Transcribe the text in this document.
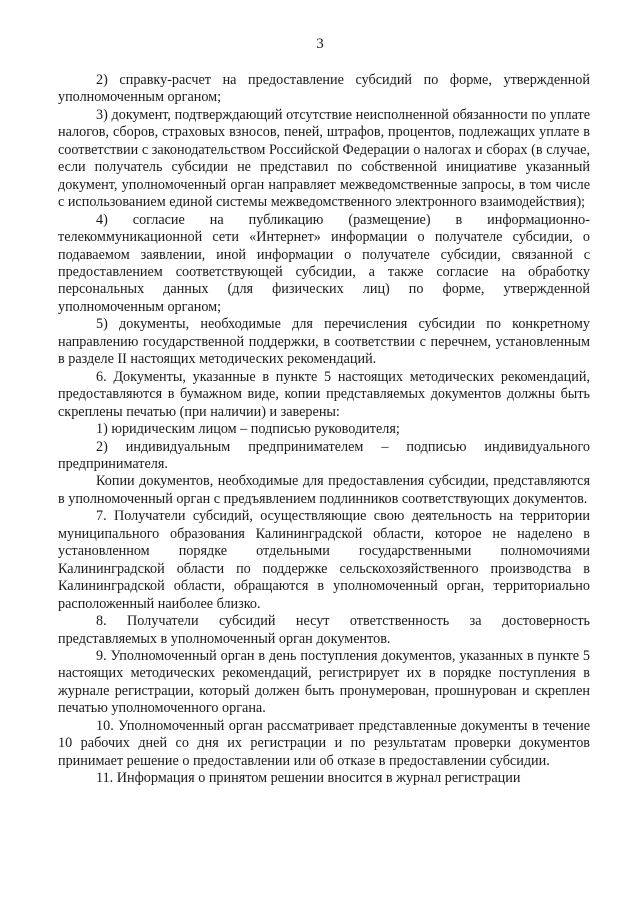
3

2) справку-расчет на предоставление субсидий по форме, утвержденной уполномоченным органом;

3) документ, подтверждающий отсутствие неисполненной обязанности по уплате налогов, сборов, страховых взносов, пеней, штрафов, процентов, подлежащих уплате в соответствии с законодательством Российской Федерации о налогах и сборах (в случае, если получатель субсидии не представил по собственной инициативе указанный документ, уполномоченный орган направляет межведомственные запросы, в том числе с использованием единой системы межведомственного электронного взаимодействия);

4) согласие на публикацию (размещение) в информационно-телекоммуникационной сети «Интернет» информации о получателе субсидии, о подаваемом заявлении, иной информации о получателе субсидии, связанной с предоставлением соответствующей субсидии, а также согласие на обработку персональных данных (для физических лиц) по форме, утвержденной уполномоченным органом;

5) документы, необходимые для перечисления субсидии по конкретному направлению государственной поддержки, в соответствии с перечнем, установленным в разделе II настоящих методических рекомендаций.

6. Документы, указанные в пункте 5 настоящих методических рекомендаций, предоставляются в бумажном виде, копии представляемых документов должны быть скреплены печатью (при наличии) и заверены:

1) юридическим лицом – подписью руководителя;

2) индивидуальным предпринимателем – подписью индивидуального предпринимателя.

Копии документов, необходимые для предоставления субсидии, представляются в уполномоченный орган с предъявлением подлинников соответствующих документов.

7. Получатели субсидий, осуществляющие свою деятельность на территории муниципального образования Калининградской области, которое не наделено в установленном порядке отдельными государственными полномочиями Калининградской области по поддержке сельскохозяйственного производства в Калининградской области, обращаются в уполномоченный орган, территориально расположенный наиболее близко.

8. Получатели субсидий несут ответственность за достоверность представляемых в уполномоченный орган документов.

9. Уполномоченный орган в день поступления документов, указанных в пункте 5 настоящих методических рекомендаций, регистрирует их в порядке поступления в журнале регистрации, который должен быть пронумерован, прошнурован и скреплен печатью уполномоченного органа.

10. Уполномоченный орган рассматривает представленные документы в течение 10 рабочих дней со дня их регистрации и по результатам проверки документов принимает решение о предоставлении или об отказе в предоставлении субсидии.

11. Информация о принятом решении вносится в журнал регистрации
